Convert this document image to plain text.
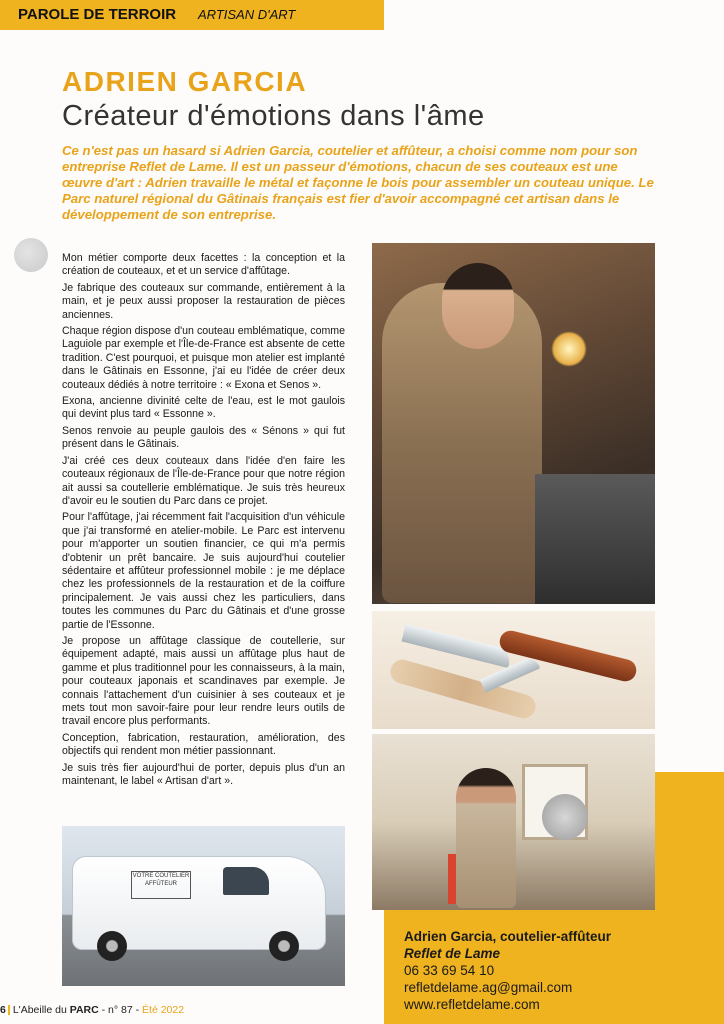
PAROLE DE TERROIR ARTISAN D'ART
ADRIEN GARCIA
Créateur d'émotions dans l'âme
Ce n'est pas un hasard si Adrien Garcia, coutelier et affûteur, a choisi comme nom pour son entreprise Reflet de Lame. Il est un passeur d'émotions, chacun de ses couteaux est une œuvre d'art : Adrien travaille le métal et façonne le bois pour assembler un couteau unique. Le Parc naturel régional du Gâtinais français est fier d'avoir accompagné cet artisan dans le développement de son entreprise.

Mon métier comporte deux facettes : la conception et la création de couteaux, et et un service d'affûtage.

Je fabrique des couteaux sur commande, entièrement à la main, et je peux aussi proposer la restauration de pièces anciennes.

Chaque région dispose d'un couteau emblématique, comme Laguiole par exemple et l'Île-de-France est absente de cette tradition. C'est pourquoi, et puisque mon atelier est implanté dans le Gâtinais en Essonne, j'ai eu l'idée de créer deux couteaux dédiés à notre territoire : « Exona et Senos ».

Exona, ancienne divinité celte de l'eau, est le mot gaulois qui devint plus tard « Essonne ».

Senos renvoie au peuple gaulois des « Sénons » qui fut présent dans le Gâtinais.

J'ai créé ces deux couteaux dans l'idée d'en faire les couteaux régionaux de l'Île-de-France pour que notre région ait aussi sa coutellerie emblématique. Je suis très heureux d'avoir eu le soutien du Parc dans ce projet.

Pour l'affûtage, j'ai récemment fait l'acquisition d'un véhicule que j'ai transformé en atelier-mobile. Le Parc est intervenu pour m'apporter un soutien financier, ce qui m'a permis d'obtenir un prêt bancaire. Je suis aujourd'hui coutelier sédentaire et affûteur professionnel mobile : je me déplace chez les professionnels de la restauration et de la coiffure principalement. Je vais aussi chez les particuliers, dans toutes les communes du Parc du Gâtinais et d'une grosse partie de l'Essonne.

Je propose un affûtage classique de coutellerie, sur équipement adapté, mais aussi un affûtage plus haut de gamme et plus traditionnel pour les connaisseurs, à la main, pour couteaux japonais et scandinaves par exemple. Je connais l'attachement d'un cuisinier à ses couteaux et je mets tout mon savoir-faire pour leur rendre leurs outils de travail encore plus performants.

Conception, fabrication, restauration, amélioration, des objectifs qui rendent mon métier passionnant.

Je suis très fier aujourd'hui de porter, depuis plus d'un an maintenant, le label « Artisan d'art ».

VOTRE COUTELIER AFFÛTEUR
Adrien Garcia, coutelier-affûteur
Reflet de Lame
06 33 69 54 10
refletdelame.ag@gmail.com
www.refletdelame.com
6 L'Abeille du PARC - n° 87 - Été 2022
